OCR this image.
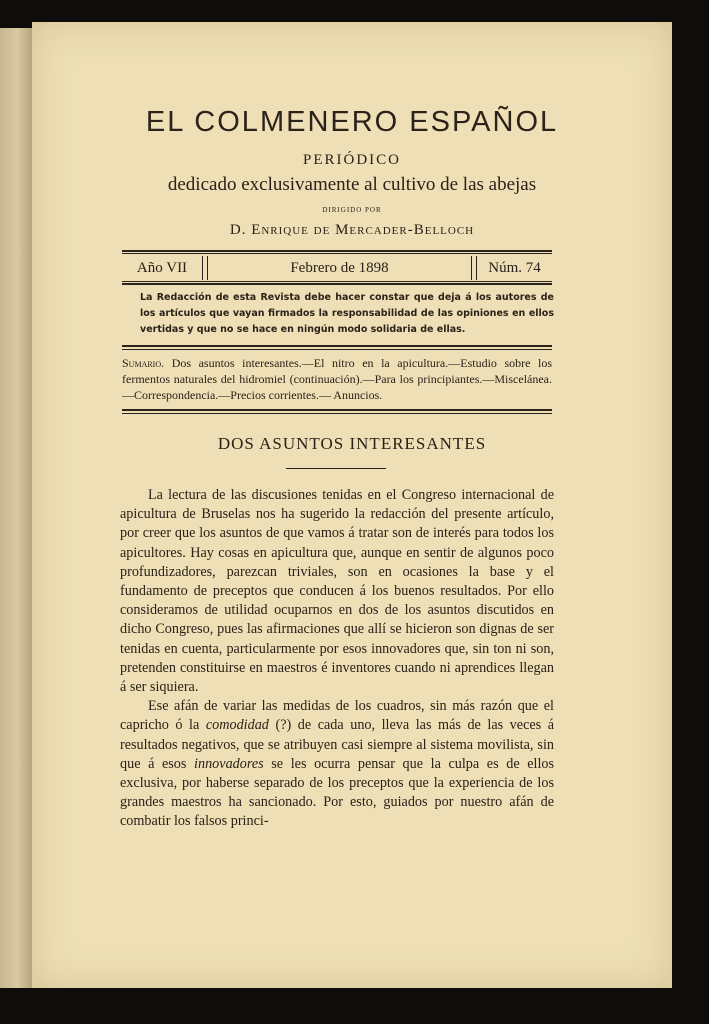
EL COLMENERO ESPAÑOL
PERIÓDICO
dedicado exclusivamente al cultivo de las abejas
DIRIGIDO POR
D. Enrique de Mercader-Belloch
Año VII	Febrero de 1898	Núm. 74
La Redacción de esta Revista debe hacer constar que deja á los autores de los artículos que vayan firmados la responsabilidad de las opiniones en ellos vertidas y que no se hace en ningún modo solidaria de ellas.
Sumario. Dos asuntos interesantes.—El nitro en la apicultura.—Estudio sobre los fermentos naturales del hidromiel (continuación).—Para los principiantes.—Miscelánea.—Correspondencia.—Precios corrientes.— Anuncios.
DOS ASUNTOS INTERESANTES

La lectura de las discusiones tenidas en el Congreso internacional de apicultura de Bruselas nos ha sugerido la redacción del presente artículo, por creer que los asuntos de que vamos á tratar son de interés para todos los apicultores. Hay cosas en apicultura que, aunque en sentir de algunos poco profundizadores, parezcan triviales, son en ocasiones la base y el fundamento de preceptos que conducen á los buenos resultados. Por ello consideramos de utilidad ocuparnos en dos de los asuntos discutidos en dicho Congreso, pues las afirmaciones que allí se hicieron son dignas de ser tenidas en cuenta, particularmente por esos innovadores que, sin ton ni son, pretenden constituirse en maestros é inventores cuando ni aprendices llegan á ser siquiera.

Ese afán de variar las medidas de los cuadros, sin más razón que el capricho ó la comodidad (?) de cada uno, lleva las más de las veces á resultados negativos, que se atribuyen casi siempre al sistema movilista, sin que á esos innovadores se les ocurra pensar que la culpa es de ellos exclusiva, por haberse separado de los preceptos que la experiencia de los grandes maestros ha sancionado. Por esto, guiados por nuestro afán de combatir los falsos princi-
